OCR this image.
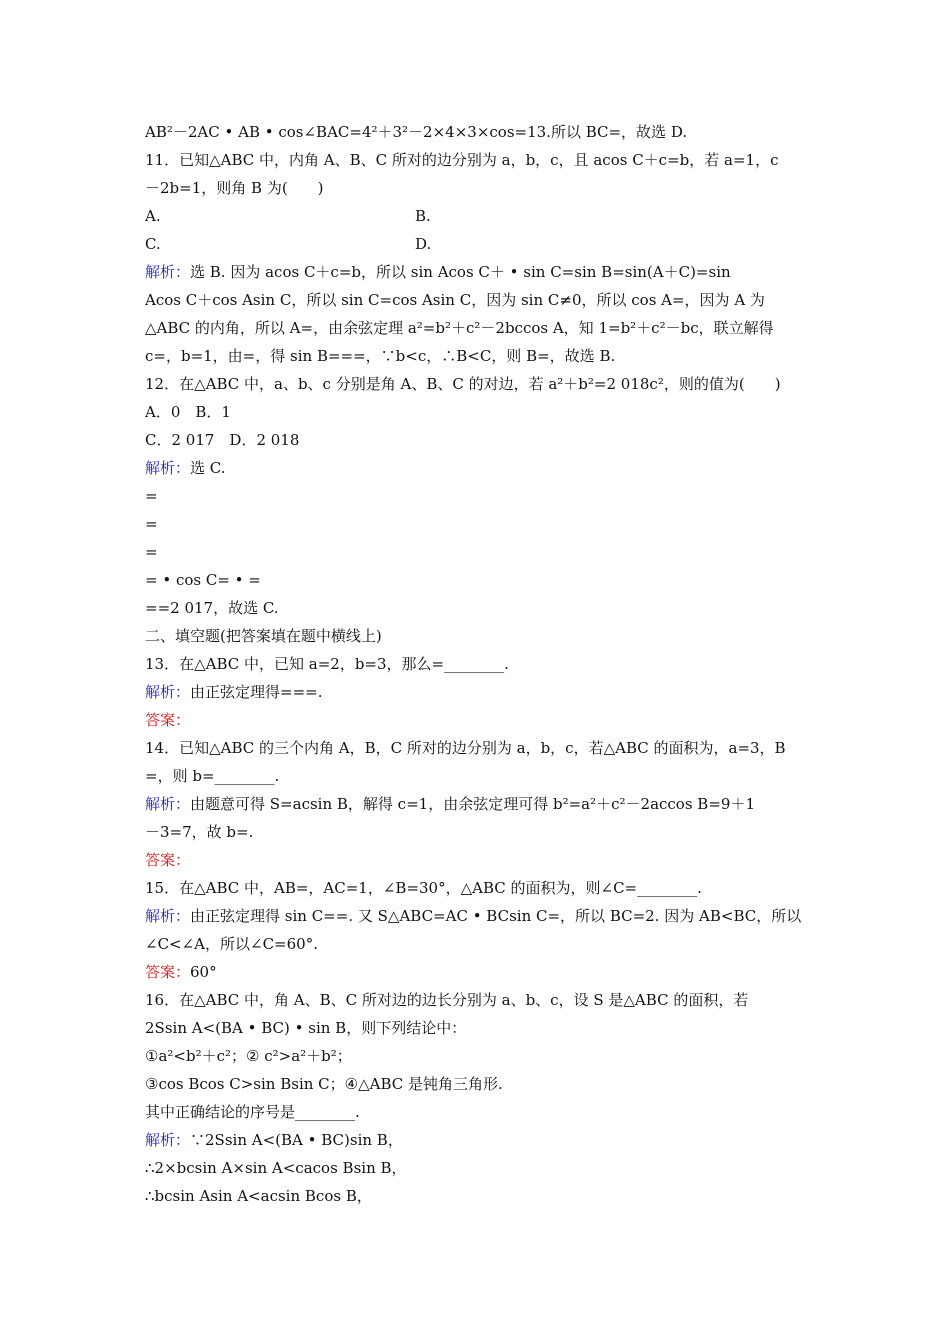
AB²－2AC • AB • cos∠BAC=4²＋3²－2×4×3×cos=13.所以 BC=，故选 D.
11．已知△ABC 中，内角 A、B、C 所对的边分别为 a，b，c，且 acos C＋c=b，若 a=1，c
－2b=1，则角 B 为(　　)
A.	B.
C.	D.
解析：选 B. 因为 acos C＋c=b，所以 sin Acos C＋ • sin C=sin B=sin(A＋C)=sin
Acos C＋cos Asin C，所以 sin C=cos Asin C，因为 sin C≠0，所以 cos A=，因为 A 为
△ABC 的内角，所以 A=，由余弦定理 a²=b²＋c²－2bccos A，知 1=b²＋c²－bc，联立解得
c=，b=1，由=，得 sin B===，∵b<c，∴B<C，则 B=，故选 B.
12．在△ABC 中，a、b、c 分别是角 A、B、C 的对边，若 a²＋b²=2 018c²，则的值为(　　)
A．0　B．1
C．2 017　D．2 018
解析：选 C.
=
=
=
= • cos C= • =
==2 017，故选 C.
二、填空题(把答案填在题中横线上)
13．在△ABC 中，已知 a=2，b=3，那么=________.
解析：由正弦定理得===.
答案：
14．已知△ABC 的三个内角 A，B，C 所对的边分别为 a，b，c，若△ABC 的面积为，a=3，B
=，则 b=________.
解析：由题意可得 S=acsin B，解得 c=1，由余弦定理可得 b²=a²＋c²－2accos B=9＋1
－3=7，故 b=.
答案：
15．在△ABC 中，AB=，AC=1，∠B=30°，△ABC 的面积为，则∠C=________.
解析：由正弦定理得 sin C==. 又 S△ABC=AC • BCsin C=，所以 BC=2. 因为 AB<BC，所以
∠C<∠A，所以∠C=60°.
答案：60°
16．在△ABC 中，角 A、B、C 所对边的边长分别为 a、b、c，设 S 是△ABC 的面积，若
2Ssin A<(BA • BC) • sin B，则下列结论中：
①a²<b²＋c²；② c²>a²＋b²；
③cos Bcos C>sin Bsin C；④△ABC 是钝角三角形.
其中正确结论的序号是________.
解析：∵2Ssin A<(BA • BC)sin B，
∴2×bcsin A×sin A<cacos Bsin B，
∴bcsin Asin A<acsin Bcos B，
